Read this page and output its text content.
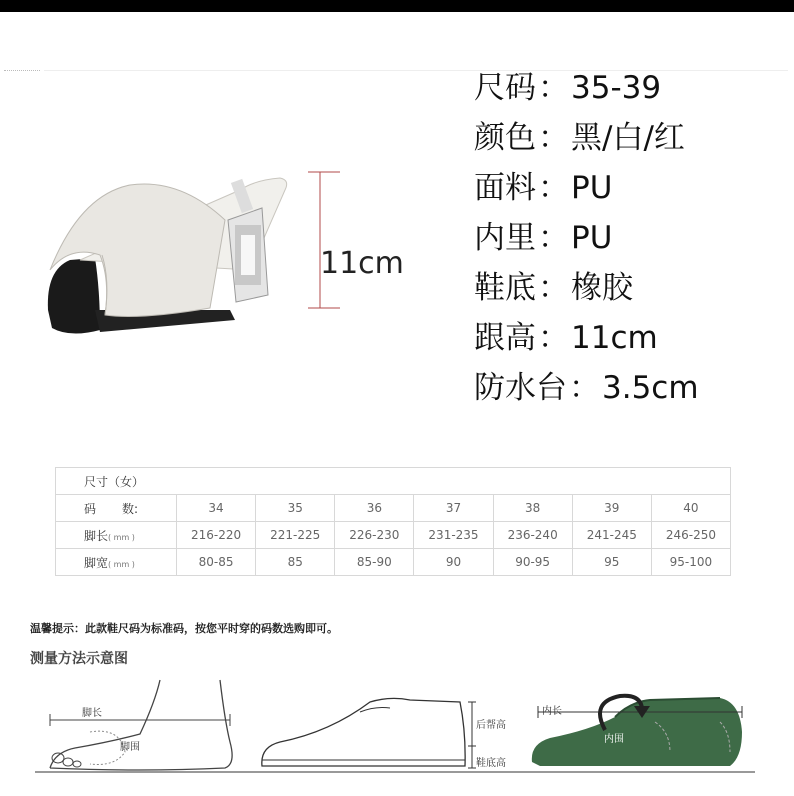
11cm
尺码：35-39
颜色：黑/白/红
面料：PU
内里：PU
鞋底：橡胶
跟高：11cm
防水台：3.5cm
尺寸（女）							
码 数:	34	35	36	37	38	39	40
脚长( mm )	216-220	221-225	226-230	231-235	236-240	241-245	246-250
脚宽( mm )	80-85	85	85-90	90	90-95	95	95-100
温馨提示：此款鞋尺码为标准码，按您平时穿的码数选购即可。
测量方法示意图
脚长
脚围
后帮高
鞋底高
内长
内围
